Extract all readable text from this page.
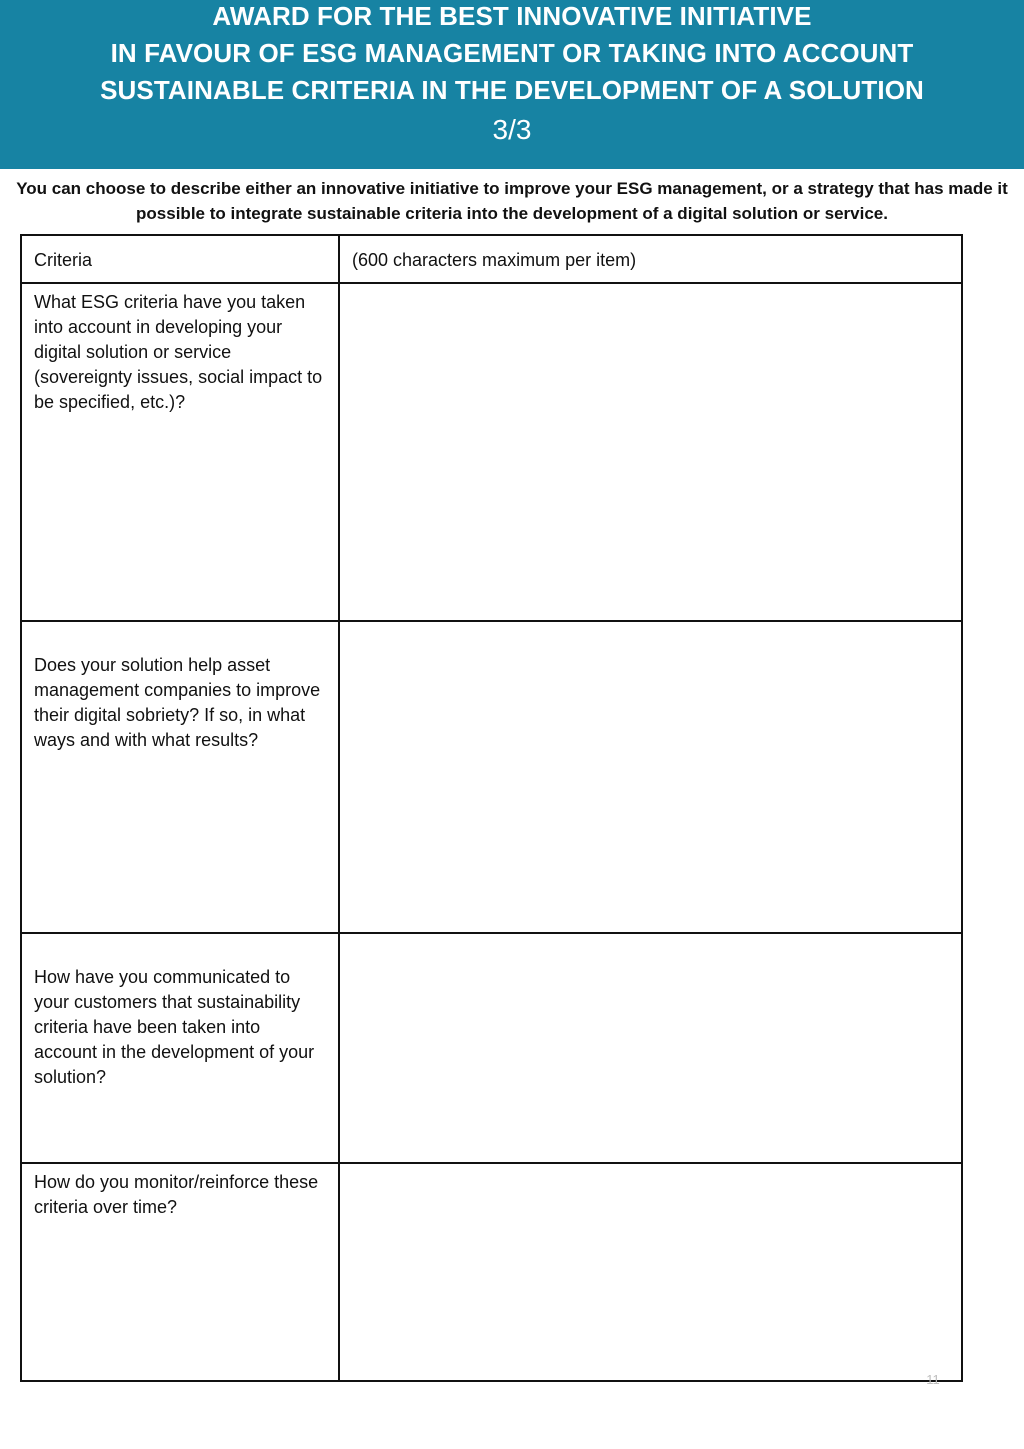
AWARD FOR THE BEST INNOVATIVE INITIATIVE
IN FAVOUR OF ESG MANAGEMENT OR TAKING INTO ACCOUNT
SUSTAINABLE CRITERIA IN THE DEVELOPMENT OF A SOLUTION
3/3
You can choose to describe either an innovative initiative to improve your ESG management, or a strategy that has made it possible to integrate sustainable criteria into the development of a digital solution or service.
Criteria	(600 characters maximum per item)

What ESG criteria have you taken into account in developing your digital solution or service (sovereignty issues, social impact to be specified, etc.)?	

Does your solution help asset management companies to improve their digital sobriety? If so, in what ways and with what results?	

How have you communicated to your customers that sustainability criteria have been taken into account in the development of your solution?	

How do you monitor/reinforce these criteria over time?	

11
